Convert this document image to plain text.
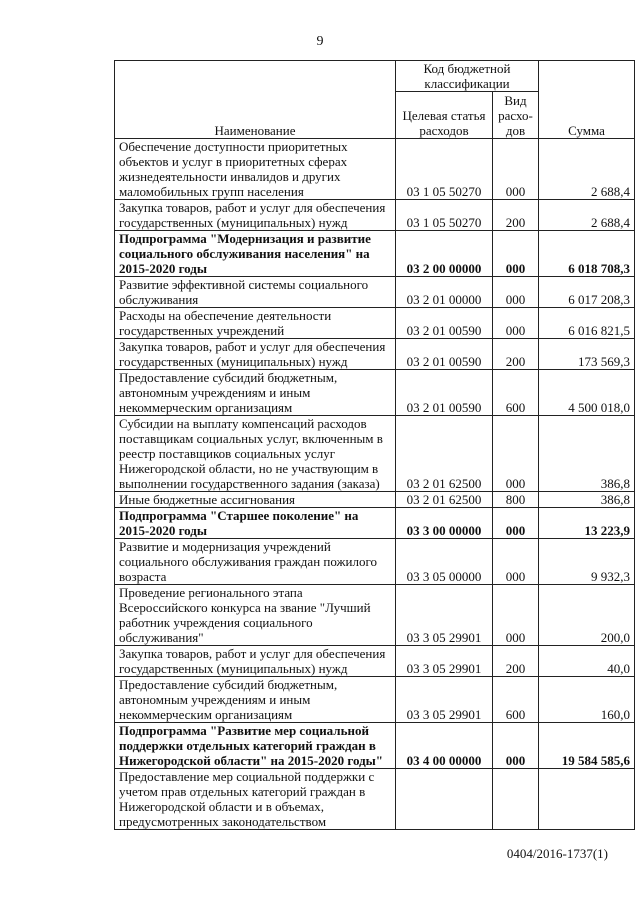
9
Наименование	Код бюджетной классификации		Сумма
	Целевая статья расходов	Вид расхо-дов	
Обеспечение доступности приоритетных объектов и услуг в приоритетных сферах жизнедеятельности инвалидов и других маломобильных групп населения	03 1 05 50270	000	2 688,4
Закупка товаров, работ и услуг для обеспечения государственных (муниципальных) нужд	03 1 05 50270	200	2 688,4
Подпрограмма "Модернизация и развитие социального обслуживания населения" на 2015-2020 годы	03 2 00 00000	000	6 018 708,3
Развитие эффективной системы социального обслуживания	03 2 01 00000	000	6 017 208,3
Расходы на обеспечение деятельности государственных учреждений	03 2 01 00590	000	6 016 821,5
Закупка товаров, работ и услуг для обеспечения государственных (муниципальных) нужд	03 2 01 00590	200	173 569,3
Предоставление субсидий бюджетным, автономным учреждениям и иным некоммерческим организациям	03 2 01 00590	600	4 500 018,0
Субсидии на выплату компенсаций расходов поставщикам социальных услуг, включенным в реестр поставщиков социальных услуг Нижегородской области, но не участвующим в выполнении государственного задания (заказа)	03 2 01 62500	000	386,8
Иные бюджетные ассигнования	03 2 01 62500	800	386,8
Подпрограмма "Старшее поколение" на 2015-2020 годы	03 3 00 00000	000	13 223,9
Развитие и модернизация учреждений социального обслуживания граждан пожилого возраста	03 3 05 00000	000	9 932,3
Проведение регионального этапа Всероссийского конкурса на звание "Лучший работник учреждения социального обслуживания"	03 3 05 29901	000	200,0
Закупка товаров, работ и услуг для обеспечения государственных (муниципальных) нужд	03 3 05 29901	200	40,0
Предоставление субсидий бюджетным, автономным учреждениям и иным некоммерческим организациям	03 3 05 29901	600	160,0
Подпрограмма "Развитие мер социальной поддержки отдельных категорий граждан в Нижегородской области" на 2015-2020 годы"	03 4 00 00000	000	19 584 585,6
Предоставление мер социальной поддержки с учетом прав отдельных категорий граждан в Нижегородской области и в объемах, предусмотренных законодательством			
0404/2016-1737(1)
